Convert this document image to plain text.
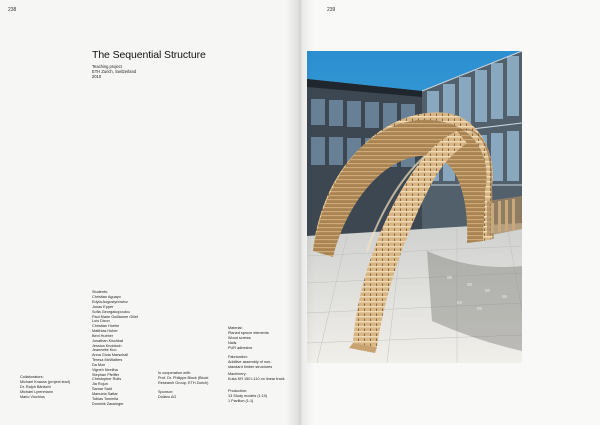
238
The Sequential Structure
Teaching project
ETH Zurich, Switzerland
2010
Students:
Christian Aguayo
Edyta Augustynowicz
Jonas Epper
Sofia Georgakopoulou
Paul Marie Guillaume Gillet
Luis Dixon
Christian Hoehe
Matthias Huber
Beni Hueber
Jonathan Kischkat
Jessica Knobloch
Jeannette Kuo
Anna Gioia Marschall
Teresa McWalters
Da Mon
Vigneh Neeliha
Stephan Pfeiffer
Christopher Rolls
Jia Rojun
Samar Said
Manuela Sattar
Tobias Tommila
Dominik Zausinger
Collaborators:
Michael Knauss (project lead)
Dr. Ralph Bärtschi
Michael Lyrenmann
Mario Viuchius
In cooperation with:
Prof. Dr. Philippe Block (Block
Research Group, ETH Zurich)
Sponsor:
Dollaro AG
Material:
Planed spruce elements
Wood screws
Nails
PUR adhesive
Fabrication:
Additive assembly of non-
standard timber structures
Machinery:
Kuka KR 150 L110 on linear track
Production:
13 Study models (1:10)
1 Pavilion (1:1)
239
